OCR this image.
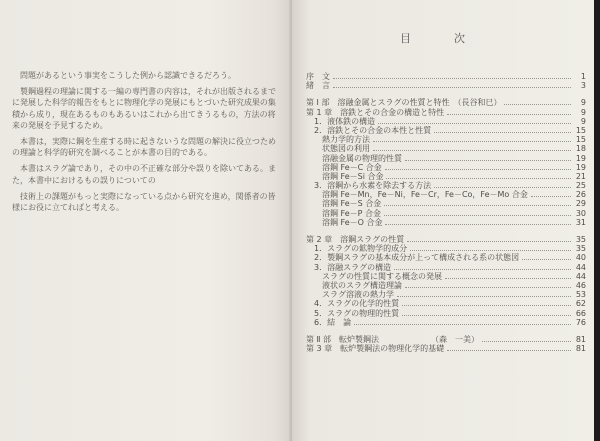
問題があるという事実をこうした例から認識できるだろう。

製鋼過程の理論に関する一編の専門書の内容は，それが出版されるまでに発展した科学的報告をもとに物理化学の発展にもとづいた研究成果の集積から成り，現在あるものもあるいはこれから出てきうるもの，方法の将来の発展を予見するため。

本書は，実際に鋼を生産する時に起きないうな問題の解決に役立つための理論と科学的研究を調べることが本書の目的である。

本書はスラグ論であり，その中の不正確な部分や誤りを除いてある。また，本書中におけるもの誤りについての

技術上の課題がもっと実際になっている点から研究を進め，関係者の皆様にお役に立てればと考える。

目　次
序　文	1
緒　言	3
第 Ⅰ 部　溶融金属とスラグの性質と特性　（長谷和巳）	9
第 1 章　溶鉄とその合金の構造と特性	9
1．液体鉄の構造	9
2．溶鉄とその合金の本性と性質	15
熱力学的方法	15
状態図の利用	18
溶融金属の物理的性質	19
溶鋼 Fe－C 合金	19
溶鋼 Fe－Si 合金	21
3．溶鋼から水素を除去する方法	25
溶鋼 Fe－Mn，Fe－Ni，Fe－Cr，Fe－Co，Fe－Mo 合金	26
溶鋼 Fe－S 合金	29
溶鋼 Fe－P 合金	30
溶鋼 Fe－O 合金	31
第 2 章　溶鋼スラグの性質	35
1．スラグの鉱物学的成分	35
2．製鋼スラグの基本成分が上って構成される系の状態図	40
3．溶融スラグの構造	44
スラグの性質に関する概念の発展	44
液状のスラグ構造理論	46
スラグ溶液の熱力学	53
4．スラグの化学的性質	62
5．スラグの物理的性質	66
6．結　論	76
第 Ⅱ 部　転炉製鋼法　　　　　　　（森　一美）	81
第 3 章　転炉製鋼法の物理化学的基礎	81
